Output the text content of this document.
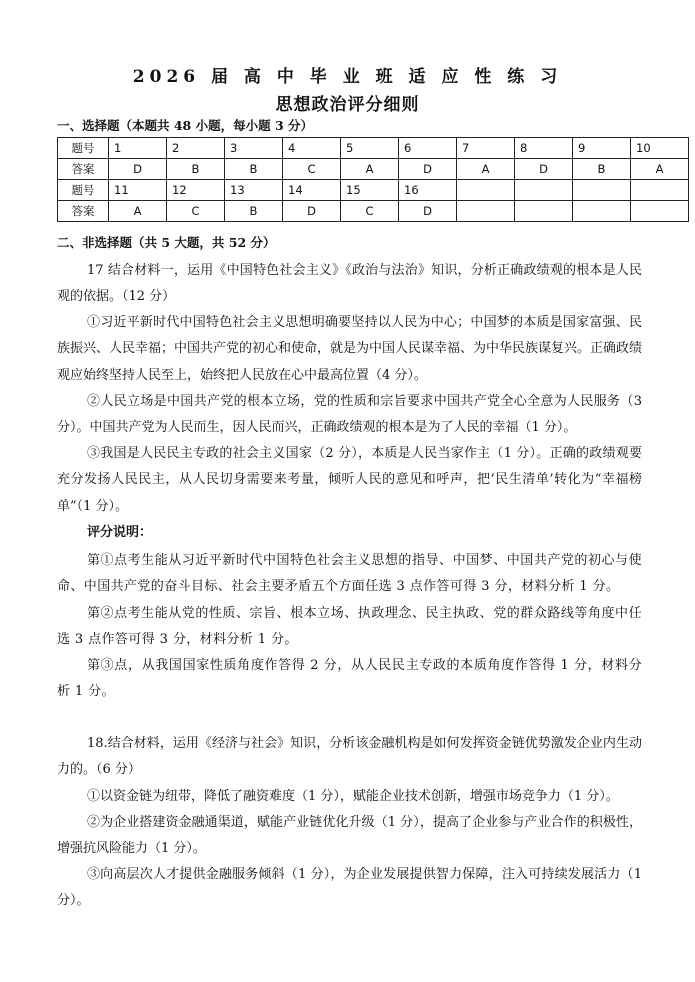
2026 届 高 中 毕 业 班 适 应 性 练 习
思想政治评分细则
一、选择题（本题共 48 小题，每小题 3 分）
题号	1	2	3	4	5	6	7	8	9	10
答案	D	B	B	C	A	D	A	D	B	A
题号	11	12	13	14	15	16				
答案	A	C	B	D	C	D				
二、非选择题（共 5 大题，共 52 分）
17 结合材料一，运用《中国特色社会主义》《政治与法治》知识，分析正确政绩观的根本是人民观的依据。（12 分）
①习近平新时代中国特色社会主义思想明确要坚持以人民为中心；中国梦的本质是国家富强、民族振兴、人民幸福；中国共产党的初心和使命，就是为中国人民谋幸福、为中华民族谋复兴。正确政绩观应始终坚持人民至上，始终把人民放在心中最高位置（4 分）。
②人民立场是中国共产党的根本立场，党的性质和宗旨要求中国共产党全心全意为人民服务（3 分）。中国共产党为人民而生，因人民而兴，正确政绩观的根本是为了人民的幸福（1 分）。
③我国是人民民主专政的社会主义国家（2 分），本质是人民当家作主（1 分）。正确的政绩观要充分发扬人民民主，从人民切身需要来考量，倾听人民的意见和呼声，把‘民生清单’转化为“幸福榜单”（1 分）。
评分说明：
第①点考生能从习近平新时代中国特色社会主义思想的指导、中国梦、中国共产党的初心与使命、中国共产党的奋斗目标、社会主要矛盾五个方面任选 3 点作答可得 3 分，材料分析 1 分。
第②点考生能从党的性质、宗旨、根本立场、执政理念、民主执政、党的群众路线等角度中任选 3 点作答可得 3 分，材料分析 1 分。
第③点，从我国国家性质角度作答得 2 分，从人民民主专政的本质角度作答得 1 分，材料分析 1 分。
18.结合材料，运用《经济与社会》知识，分析该金融机构是如何发挥资金链优势激发企业内生动力的。（6 分）
①以资金链为纽带，降低了融资难度（1 分），赋能企业技术创新，增强市场竞争力（1 分）。
②为企业搭建资金融通渠道，赋能产业链优化升级（1 分），提高了企业参与产业合作的积极性，增强抗风险能力（1 分）。
③向高层次人才提供金融服务倾斜（1 分），为企业发展提供智力保障，注入可持续发展活力（1 分）。
